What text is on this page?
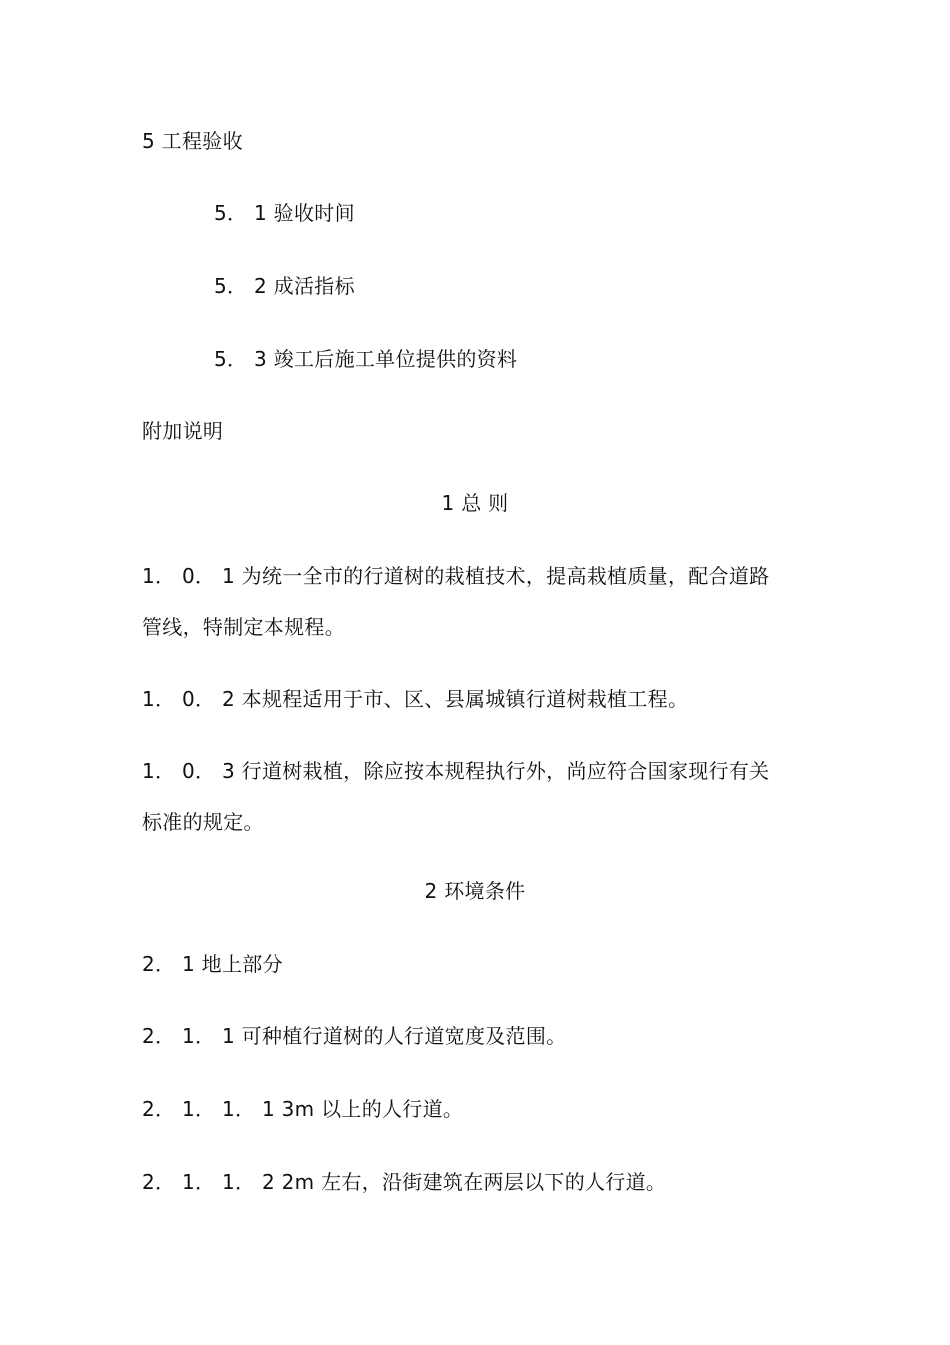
5 工程验收
5． 1 验收时间
5． 2 成活指标
5． 3 竣工后施工单位提供的资料
附加说明
1 总 则
1． 0． 1 为统一全市的行道树的栽植技术，提高栽植质量，配合道路
管线，特制定本规程。
1． 0． 2 本规程适用于市、区、县属城镇行道树栽植工程。
1． 0． 3 行道树栽植，除应按本规程执行外，尚应符合国家现行有关
标准的规定。
2 环境条件
2． 1 地上部分
2． 1． 1 可种植行道树的人行道宽度及范围。
2． 1． 1． 1 3m 以上的人行道。
2． 1． 1． 2 2m 左右，沿街建筑在两层以下的人行道。
